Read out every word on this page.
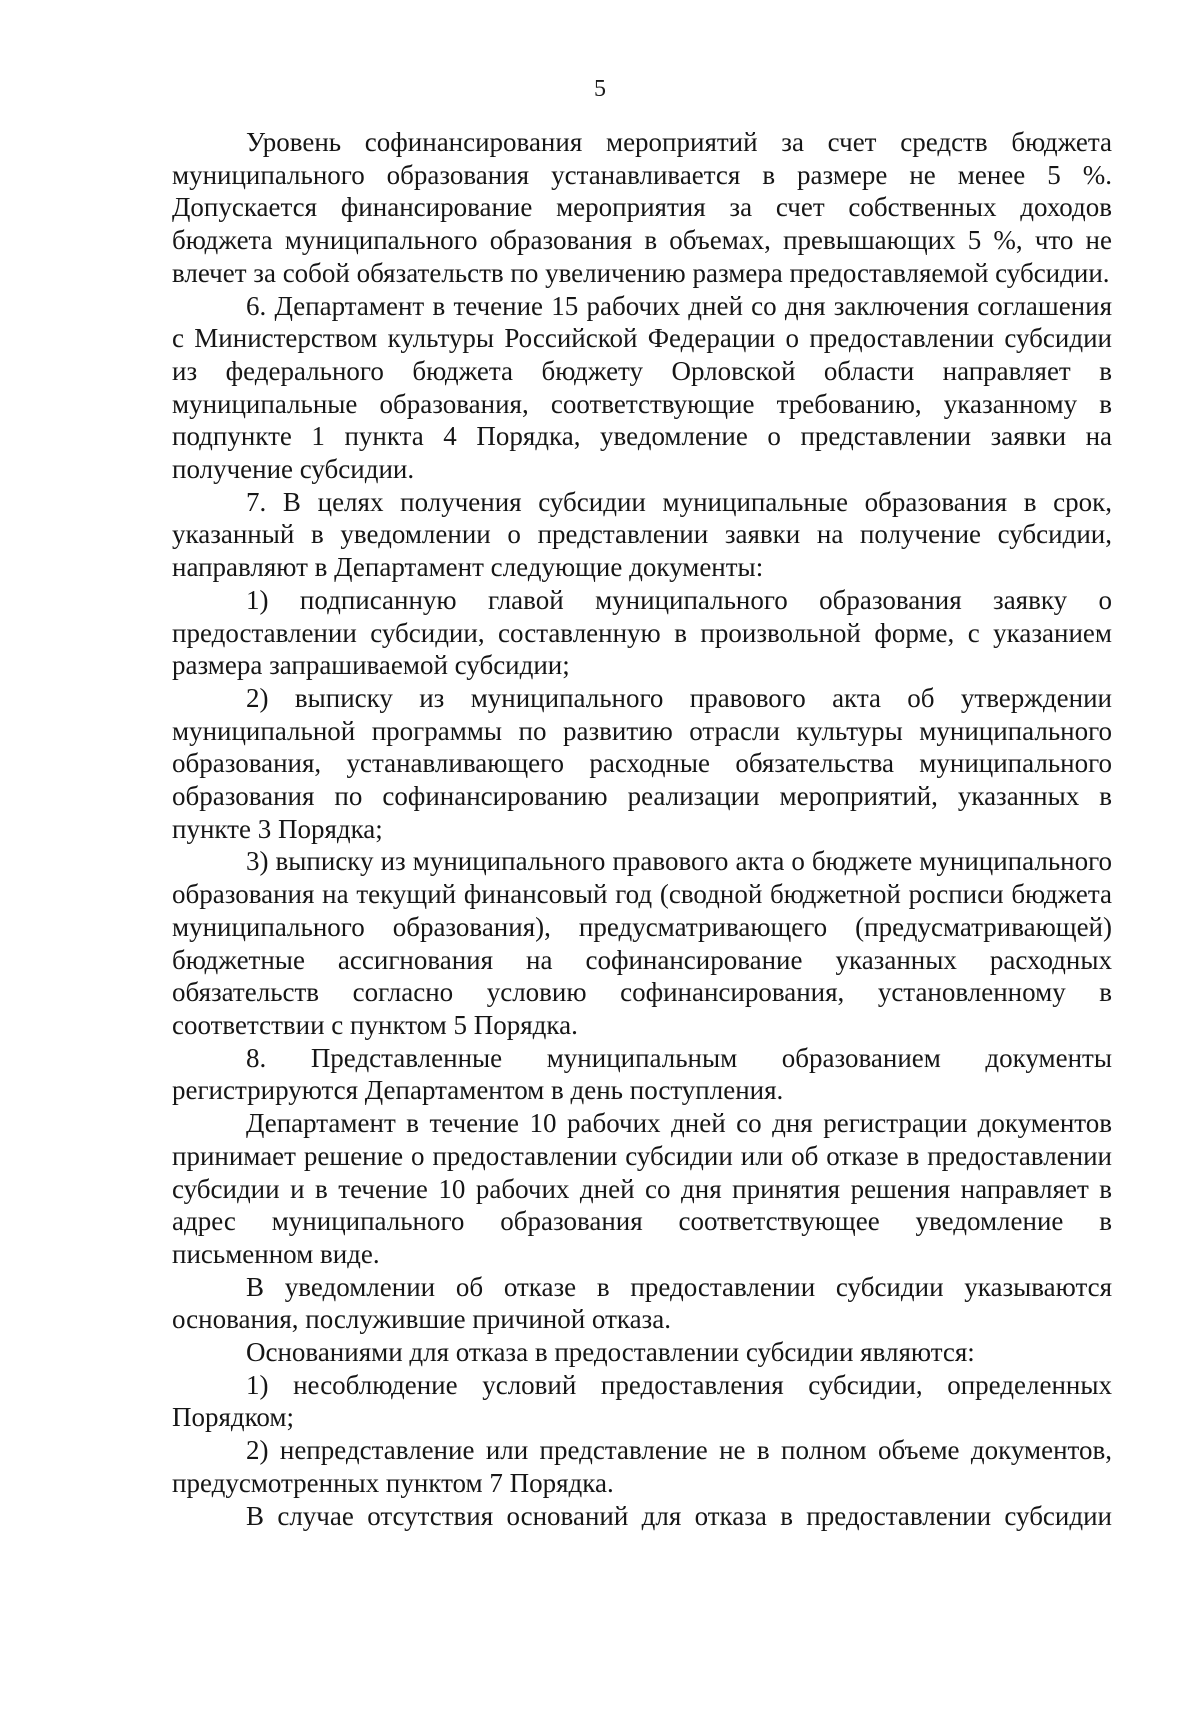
5

Уровень софинансирования мероприятий за счет средств бюджета муниципального образования устанавливается в размере не менее 5 %. Допускается финансирование мероприятия за счет собственных доходов бюджета муниципального образования в объемах, превышающих 5 %, что не влечет за собой обязательств по увеличению размера предоставляемой субсидии.

6. Департамент в течение 15 рабочих дней со дня заключения соглашения с Министерством культуры Российской Федерации о предоставлении субсидии из федерального бюджета бюджету Орловской области направляет в муниципальные образования, соответствующие требованию, указанному в подпункте 1 пункта 4 Порядка, уведомление о представлении заявки на получение субсидии.

7. В целях получения субсидии муниципальные образования в срок, указанный в уведомлении о представлении заявки на получение субсидии, направляют в Департамент следующие документы:

1) подписанную главой муниципального образования заявку о предоставлении субсидии, составленную в произвольной форме, с указанием размера запрашиваемой субсидии;

2) выписку из муниципального правового акта об утверждении муниципальной программы по развитию отрасли культуры муниципального образования, устанавливающего расходные обязательства муниципального образования по софинансированию реализации мероприятий, указанных в пункте 3 Порядка;

3) выписку из муниципального правового акта о бюджете муниципального образования на текущий финансовый год (сводной бюджетной росписи бюджета муниципального образования), предусматривающего (предусматривающей) бюджетные ассигнования на софинансирование указанных расходных обязательств согласно условию софинансирования, установленному в соответствии с пунктом 5 Порядка.

8. Представленные муниципальным образованием документы регистрируются Департаментом в день поступления.

Департамент в течение 10 рабочих дней со дня регистрации документов принимает решение о предоставлении субсидии или об отказе в предоставлении субсидии и в течение 10 рабочих дней со дня принятия решения направляет в адрес муниципального образования соответствующее уведомление в письменном виде.

В уведомлении об отказе в предоставлении субсидии указываются основания, послужившие причиной отказа.

Основаниями для отказа в предоставлении субсидии являются:

1) несоблюдение условий предоставления субсидии, определенных Порядком;

2) непредставление или представление не в полном объеме документов, предусмотренных пунктом 7 Порядка.

В случае отсутствия оснований для отказа в предоставлении субсидии
